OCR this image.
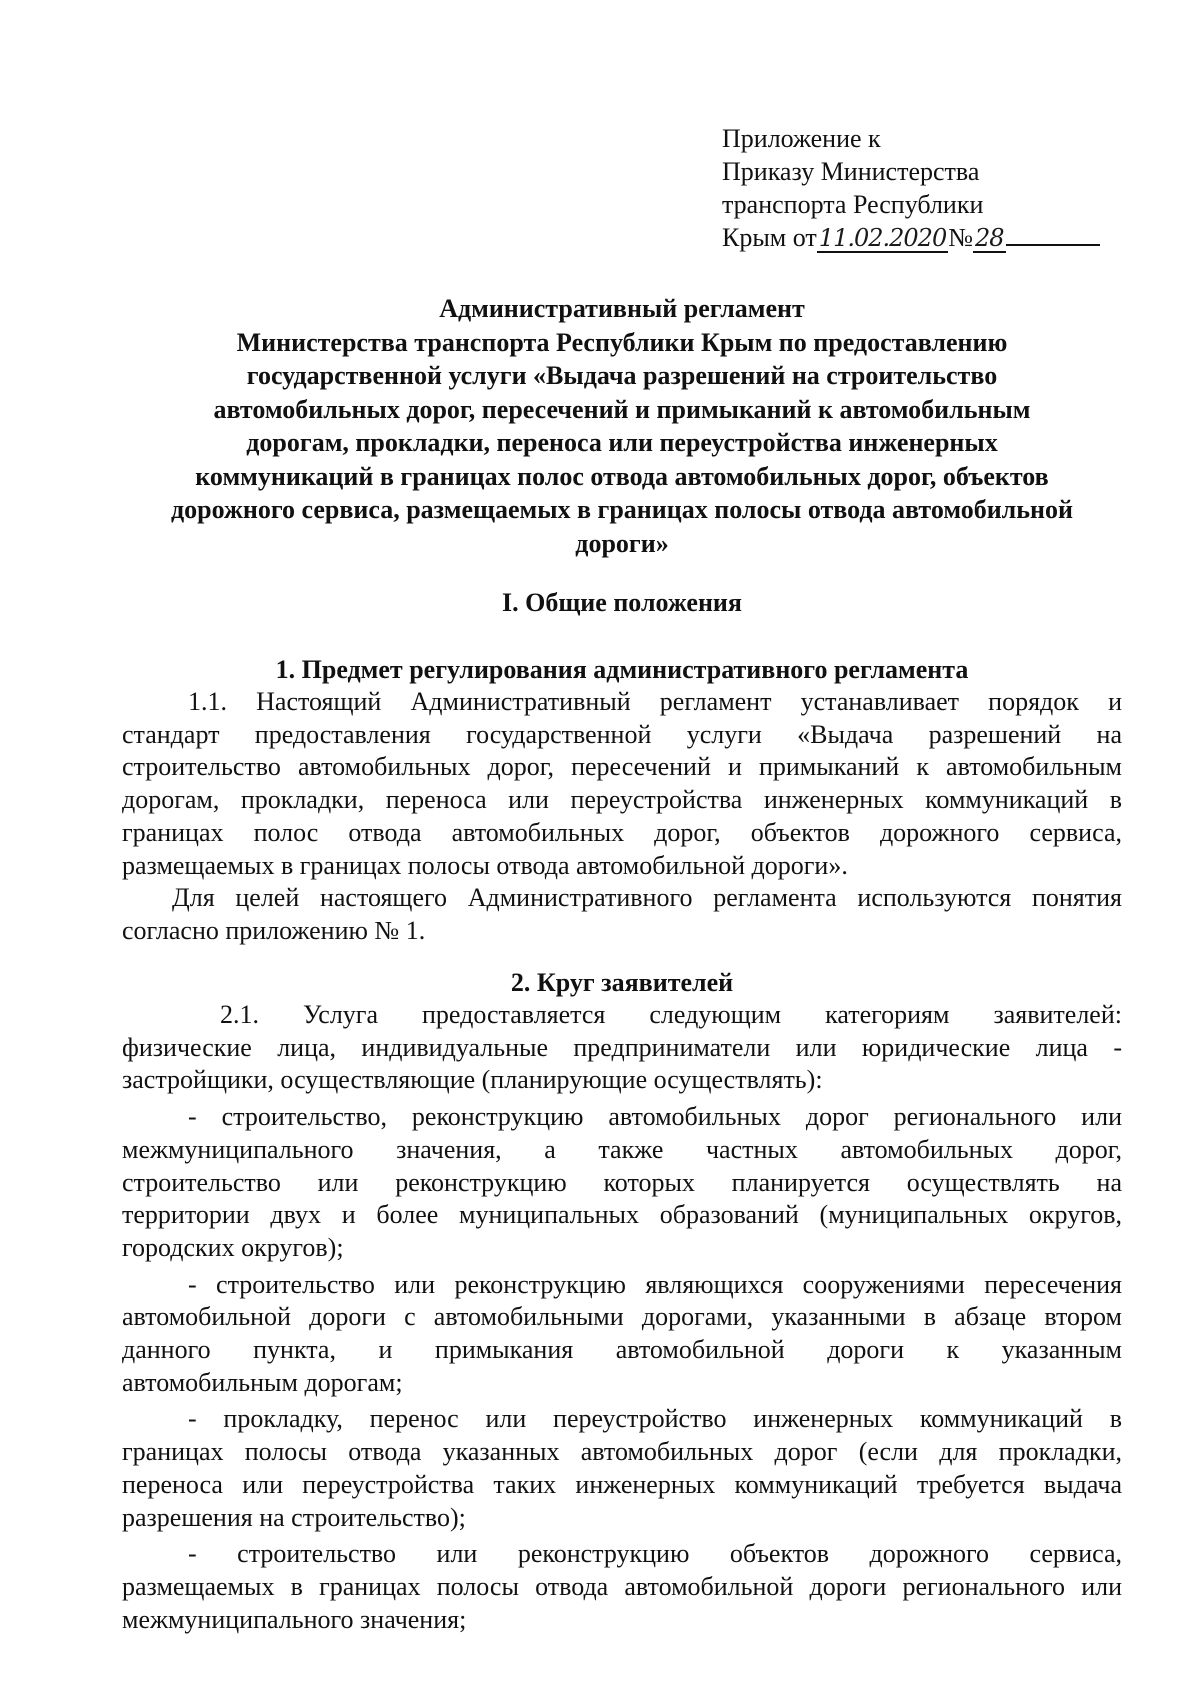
Приложение к
Приказу Министерства
транспорта Республики
Крым от11.02.2020№28
Административный регламент
Министерства транспорта Республики Крым по предоставлению
государственной услуги «Выдача разрешений на строительство
автомобильных дорог, пересечений и примыканий к автомобильным
дорогам, прокладки, переноса или переустройства инженерных
коммуникаций в границах полос отвода автомобильных дорог, объектов
дорожного сервиса, размещаемых в границах полосы отвода автомобильной
дороги»
I. Общие положения
1. Предмет регулирования административного регламента
1.1. Настоящий Административный регламент устанавливает порядок и
стандарт предоставления государственной услуги «Выдача разрешений на
строительство автомобильных дорог, пересечений и примыканий к автомобильным
дорогам, прокладки, переноса или переустройства инженерных коммуникаций в
границах полос отвода автомобильных дорог, объектов дорожного сервиса,
размещаемых в границах полосы отвода автомобильной дороги».
Для целей настоящего Административного регламента используются понятия
согласно приложению № 1.
2. Круг заявителей
2.1. Услуга предоставляется следующим категориям заявителей:
физические лица, индивидуальные предприниматели или юридические лица -
застройщики, осуществляющие (планирующие осуществлять):
- строительство, реконструкцию автомобильных дорог регионального или
межмуниципального значения, а также частных автомобильных дорог,
строительство или реконструкцию которых планируется осуществлять на
территории двух и более муниципальных образований (муниципальных округов,
городских округов);
- строительство или реконструкцию являющихся сооружениями пересечения
автомобильной дороги с автомобильными дорогами, указанными в абзаце втором
данного пункта, и примыкания автомобильной дороги к указанным
автомобильным дорогам;
- прокладку, перенос или переустройство инженерных коммуникаций в
границах полосы отвода указанных автомобильных дорог (если для прокладки,
переноса или переустройства таких инженерных коммуникаций требуется выдача
разрешения на строительство);
- строительство или реконструкцию объектов дорожного сервиса,
размещаемых в границах полосы отвода автомобильной дороги регионального или
межмуниципального значения;
